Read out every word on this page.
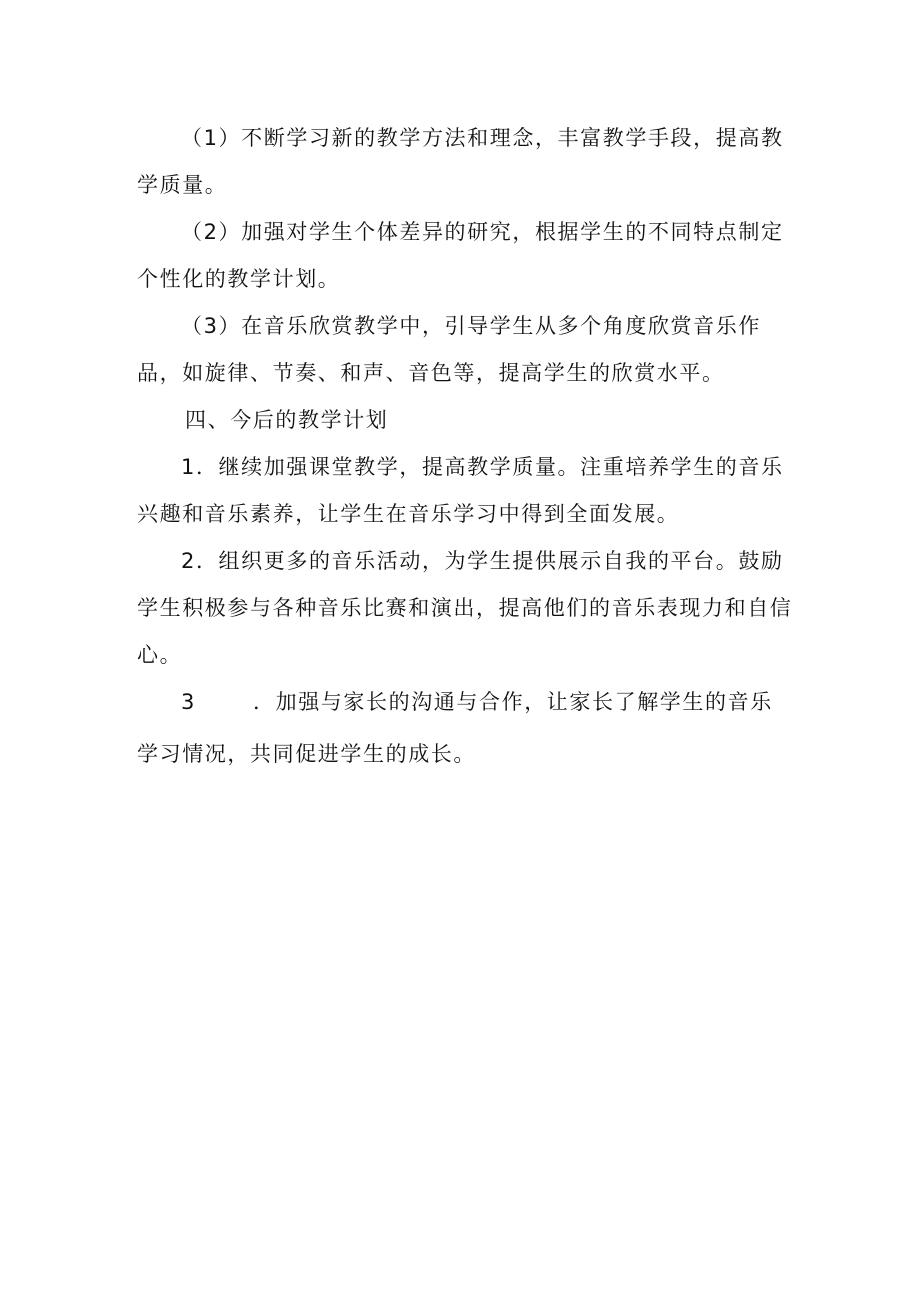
（1）不断学习新的教学方法和理念，丰富教学手段，提高教学质量。

（2）加强对学生个体差异的研究，根据学生的不同特点制定个性化的教学计划。

（3）在音乐欣赏教学中，引导学生从多个角度欣赏音乐作品，如旋律、节奏、和声、音色等，提高学生的欣赏水平。

四、今后的教学计划

1．继续加强课堂教学，提高教学质量。注重培养学生的音乐兴趣和音乐素养，让学生在音乐学习中得到全面发展。

2．组织更多的音乐活动，为学生提供展示自我的平台。鼓励学生积极参与各种音乐比赛和演出，提高他们的音乐表现力和自信心。

3	．加强与家长的沟通与合作，让家长了解学生的音乐

学习情况，共同促进学生的成长。
